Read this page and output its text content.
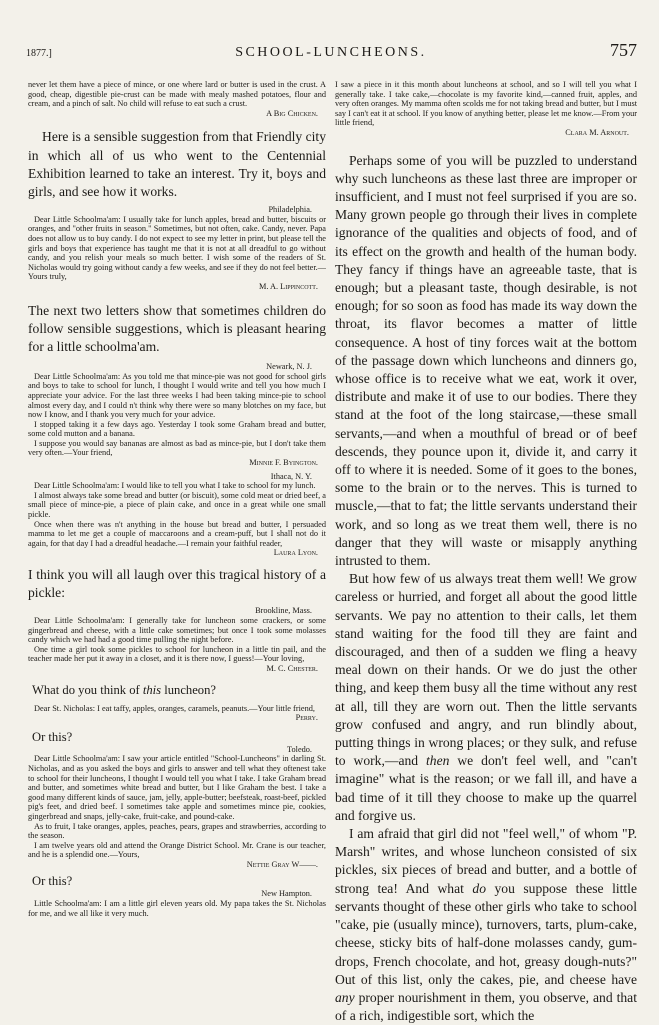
1877.]	SCHOOL-LUNCHEONS.	757

never let them have a piece of mince, or one where lard or butter is used in the crust. A good, cheap, digestible pie-crust can be made with mealy mashed potatoes, flour and cream, and a pinch of salt. No child will refuse to eat such a crust.

A Big Chicken.

Here is a sensible suggestion from that Friendly city in which all of us who went to the Centennial Exhibition learned to take an interest. Try it, boys and girls, and see how it works.

Philadelphia.

Dear Little Schoolma'am: I usually take for lunch apples, bread and butter, biscuits or oranges, and "other fruits in season." Sometimes, but not often, cake. Candy, never. Papa does not allow us to buy candy. I do not expect to see my letter in print, but please tell the girls and boys that experience has taught me that it is not at all dreadful to go without candy, and you relish your meals so much better. I wish some of the readers of St. Nicholas would try going without candy a few weeks, and see if they do not feel better.—Yours truly,

M. A. Lippincott.

The next two letters show that sometimes children do follow sensible suggestions, which is pleasant hearing for a little schoolma'am.

Newark, N. J.

Dear Little Schoolma'am: As you told me that mince-pie was not good for school girls and boys to take to school for lunch, I thought I would write and tell you how much I appreciate your advice. For the last three weeks I had been taking mince-pie to school almost every day, and I could n't think why there were so many blotches on my face, but now I know, and I thank you very much for your advice.

I stopped taking it a few days ago. Yesterday I took some Graham bread and butter, some cold mutton and a banana.

I suppose you would say bananas are almost as bad as mince-pie, but I don't take them very often.—Your friend,

Minnie F. Byington.
Ithaca, N. Y.

Dear Little Schoolma'am: I would like to tell you what I take to school for my lunch.

I almost always take some bread and butter (or biscuit), some cold meat or dried beef, a small piece of mince-pie, a piece of plain cake, and once in a great while one small pickle.

Once when there was n't anything in the house but bread and butter, I persuaded mamma to let me get a couple of maccaroons and a cream-puff, but I shall not do it again, for that day I had a dreadful headache.—I remain your faithful reader,

Laura Lyon.

I think you will all laugh over this tragical history of a pickle:

Brookline, Mass.

Dear Little Schoolma'am: I generally take for luncheon some crackers, or some gingerbread and cheese, with a little cake sometimes; but once I took some molasses candy which we had had a good time pulling the night before.

One time a girl took some pickles to school for luncheon in a little tin pail, and the teacher made her put it away in a closet, and it is there now, I guess!—Your loving,

M. C. Chester.
What do you think of this luncheon?

Dear St. Nicholas: I eat taffy, apples, oranges, caramels, peanuts.—Your little friend,

Perry.
Or this?
Toledo.

Dear Little Schoolma'am: I saw your article entitled "School-Luncheons" in darling St. Nicholas, and as you asked the boys and girls to answer and tell what they oftenest take to school for their luncheons, I thought I would tell you what I take. I take Graham bread and butter, and sometimes white bread and butter, but I like Graham the best. I take a good many different kinds of sauce, jam, jelly, apple-butter; beefsteak, roast-beef, pickled pig's feet, and dried beef. I sometimes take apple and sometimes mince pie, cookies, gingerbread and snaps, jelly-cake, fruit-cake, and pound-cake.

As to fruit, I take oranges, apples, peaches, pears, grapes and strawberries, according to the season.

I am twelve years old and attend the Orange District School. Mr. Crane is our teacher, and he is a splendid one.—Yours,

Nettie Gray W——.
Or this?
New Hampton.

Little Schoolma'am: I am a little girl eleven years old. My papa takes the St. Nicholas for me, and we all like it very much.

I saw a piece in it this month about luncheons at school, and so I will tell you what I generally take. I take cake,—chocolate is my favorite kind,—canned fruit, apples, and very often oranges. My mamma often scolds me for not taking bread and butter, but I must say I can't eat it at school. If you know of anything better, please let me know.—From your little friend,

Clara M. Arnout.

Perhaps some of you will be puzzled to understand why such luncheons as these last three are improper or insufficient, and I must not feel surprised if you are so. Many grown people go through their lives in complete ignorance of the qualities and objects of food, and of its effect on the growth and health of the human body. They fancy if things have an agreeable taste, that is enough; but a pleasant taste, though desirable, is not enough; for so soon as food has made its way down the throat, its flavor becomes a matter of little consequence. A host of tiny forces wait at the bottom of the passage down which luncheons and dinners go, whose office is to receive what we eat, work it over, distribute and make it of use to our bodies. There they stand at the foot of the long staircase,—these small servants,—and when a mouthful of bread or of beef descends, they pounce upon it, divide it, and carry it off to where it is needed. Some of it goes to the bones, some to the brain or to the nerves. This is turned to muscle,—that to fat; the little servants understand their work, and so long as we treat them well, there is no danger that they will waste or misapply anything intrusted to them.

But how few of us always treat them well! We grow careless or hurried, and forget all about the good little servants. We pay no attention to their calls, let them stand waiting for the food till they are faint and discouraged, and then of a sudden we fling a heavy meal down on their hands. Or we do just the other thing, and keep them busy all the time without any rest at all, till they are worn out. Then the little servants grow confused and angry, and run blindly about, putting things in wrong places; or they sulk, and refuse to work,—and then we don't feel well, and "can't imagine" what is the reason; or we fall ill, and have a bad time of it till they choose to make up the quarrel and forgive us.

I am afraid that girl did not "feel well," of whom "P. Marsh" writes, and whose luncheon consisted of six pickles, six pieces of bread and butter, and a bottle of strong tea! And what do you suppose these little servants thought of these other girls who take to school "cake, pie (usually mince), turnovers, tarts, plum-cake, cheese, sticky bits of half-done molasses candy, gum-drops, French chocolate, and hot, greasy dough-nuts?" Out of this list, only the cakes, pie, and cheese have any proper nourishment in them, you observe, and that of a rich, indigestible sort, which the
